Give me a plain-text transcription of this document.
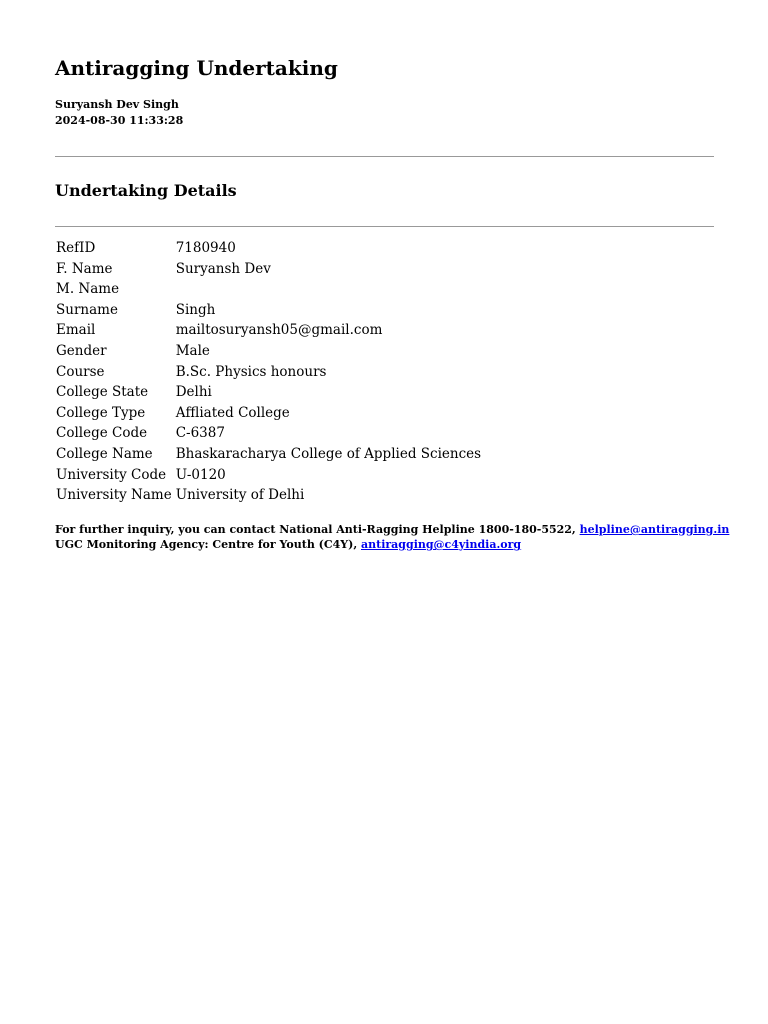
Antiragging Undertaking
Suryansh Dev Singh
2024-08-30 11:33:28
Undertaking Details
RefID	7180940
F. Name	Suryansh Dev
M. Name	
Surname	Singh
Email	mailtosuryansh05@gmail.com
Gender	Male
Course	B.Sc. Physics honours
College State	Delhi
College Type	Affliated College
College Code	C-6387
College Name	Bhaskaracharya College of Applied Sciences
University Code	U-0120
University Name	University of Delhi
For further inquiry, you can contact National Anti-Ragging Helpline 1800-180-5522, helpline@antiragging.in
UGC Monitoring Agency: Centre for Youth (C4Y), antiragging@c4yindia.org
